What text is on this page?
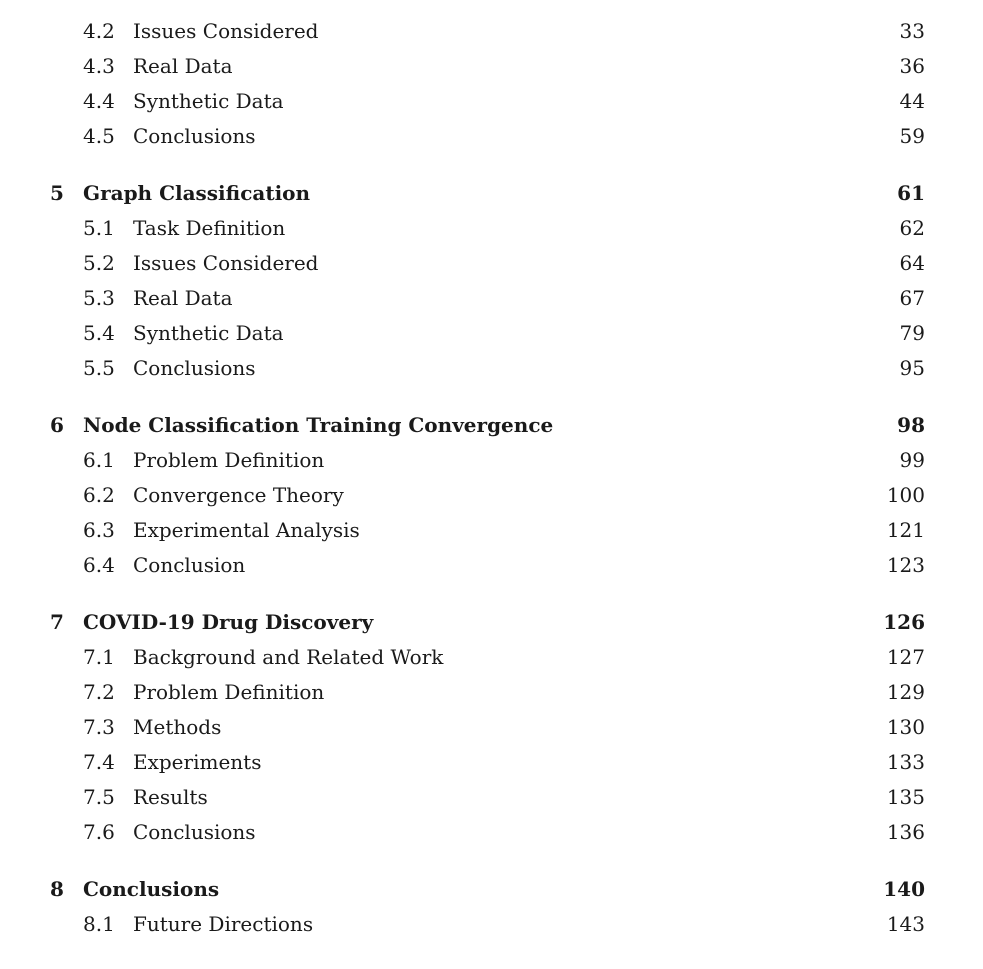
4.2 Issues Considered	33
4.3 Real Data	36
4.4 Synthetic Data	44
4.5 Conclusions	59
5 Graph Classification	61
5.1 Task Definition	62
5.2 Issues Considered	64
5.3 Real Data	67
5.4 Synthetic Data	79
5.5 Conclusions	95
6 Node Classification Training Convergence	98
6.1 Problem Definition	99
6.2 Convergence Theory	100
6.3 Experimental Analysis	121
6.4 Conclusion	123
7 COVID-19 Drug Discovery	126
7.1 Background and Related Work	127
7.2 Problem Definition	129
7.3 Methods	130
7.4 Experiments	133
7.5 Results	135
7.6 Conclusions	136
8 Conclusions	140
8.1 Future Directions	143
